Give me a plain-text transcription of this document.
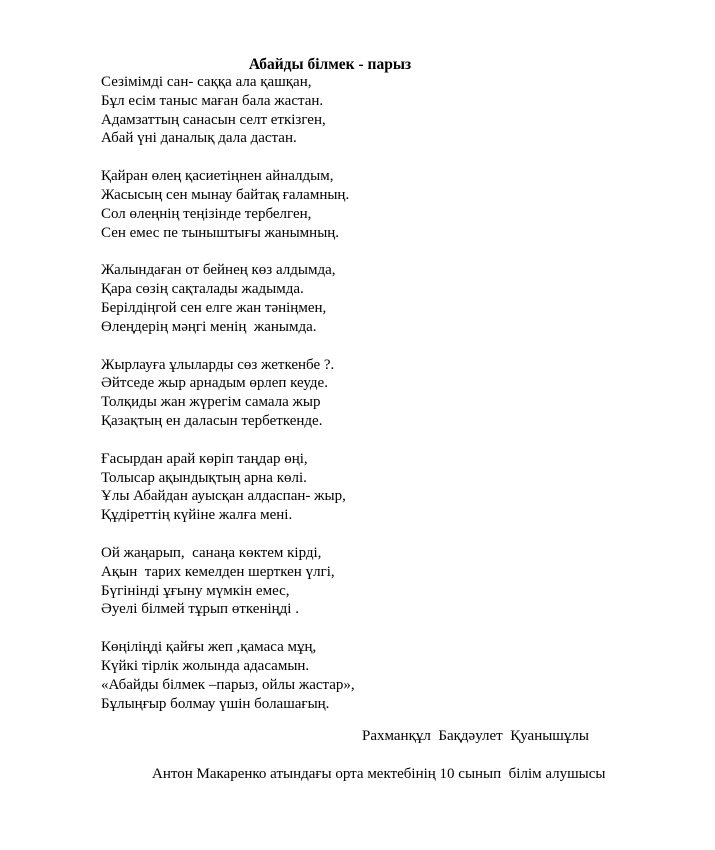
Абайды білмек - парыз
Сезімімді сан- саққа ала қашқан,
Бұл есім таныс маған бала жастан.
Адамзаттың санасын селт еткізген,
Абай үні даналық дала дастан.
Қайран өлең қасиетіңнен айналдым,
Жасысың сен мынау байтақ ғаламның.
Сол өлеңнің теңізінде тербелген,
Сен емес пе тыныштығы жанымның.
Жалындаған от бейнең көз алдымда,
Қара сөзің сақталады жадымда.
Берілдіңгой сен елге жан тәніңмен,
Өлеңдерің мәңгі менің  жанымда.
Жырлауға ұлыларды сөз жеткенбе ?.
Әйтседе жыр арнадым өрлеп кеуде.
Толқиды жан жүрегім самала жыр
Қазақтың ен даласын тербеткенде.
Ғасырдан арай көріп таңдар өңі,
Толысар ақындықтың арна көлі.
Ұлы Абайдан ауысқан алдаспан- жыр,
Құдіреттің күйіне жалға мені.
Ой жаңарып,  санаңа көктем кірді,
Ақын  тарих кемелден шерткен үлгі,
Бүгінінді ұғыну мүмкін емес,
Әуелі білмей тұрып өткеніңді .
Көңіліңді қайғы жеп ,қамаса мұң,
Күйкі тірлік жолында адасамын.
«Абайды білмек –парыз, ойлы жастар»,
Бұлыңғыр болмау үшін болашағың.
Рахманқұл  Бақдәулет  Қуанышұлы
Антон Макаренко атындағы орта мектебінің 10 сынып  білім алушысы
